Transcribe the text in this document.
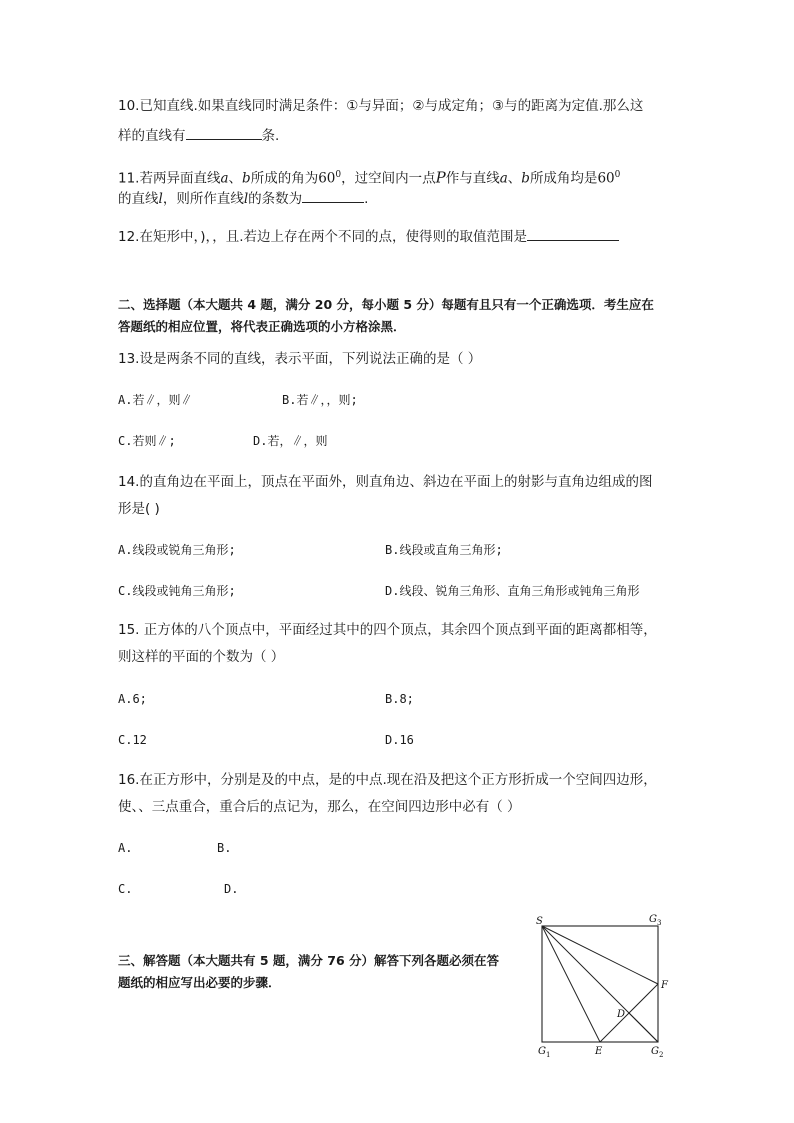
10.已知直线.如果直线同时满足条件：①与异面；②与成定角；③与的距离为定值.那么这
样的直线有	条.
11.若两异面直线a、b所成的角为$60^0$，过空间内一点P作与直线a、b所成角均是$60^0$
的直线l，则所作直线l的条数为	.
12.在矩形中，)，，且.若边上存在两个不同的点，使得则的取值范围是
二、选择题（本大题共 4 题，满分 20 分，每小题 5 分）每题有且只有一个正确选项．考生应在
答题纸的相应位置，将代表正确选项的小方格涂黑．
13.设是两条不同的直线，表示平面，下列说法正确的是（ ）
A.若∥，则∥	B.若∥，，则;
C.若则∥;	D.若，∥，则
14.的直角边在平面上，顶点在平面外，则直角边、斜边在平面上的射影与直角边组成的图
形是( )
A.线段或锐角三角形;	B.线段或直角三角形;
C.线段或钝角三角形;	D.线段、锐角三角形、直角三角形或钝角三角形
15. 正方体的八个顶点中，平面经过其中的四个顶点，其余四个顶点到平面的距离都相等，
则这样的平面的个数为（ ）
A.6;	B.8;
C.12	D.16
16.在正方形中，分别是及的中点，是的中点.现在沿及把这个正方形折成一个空间四边形，
使、、三点重合，重合后的点记为，那么，在空间四边形中必有（ ）
A.	B.
C.	D.
三、解答题（本大题共有 5 题，满分 76 分）解答下列各题必须在答
题纸的相应写出必要的步骤．
S	$G_3$
F
D
$G_1$	E	$G_2$
